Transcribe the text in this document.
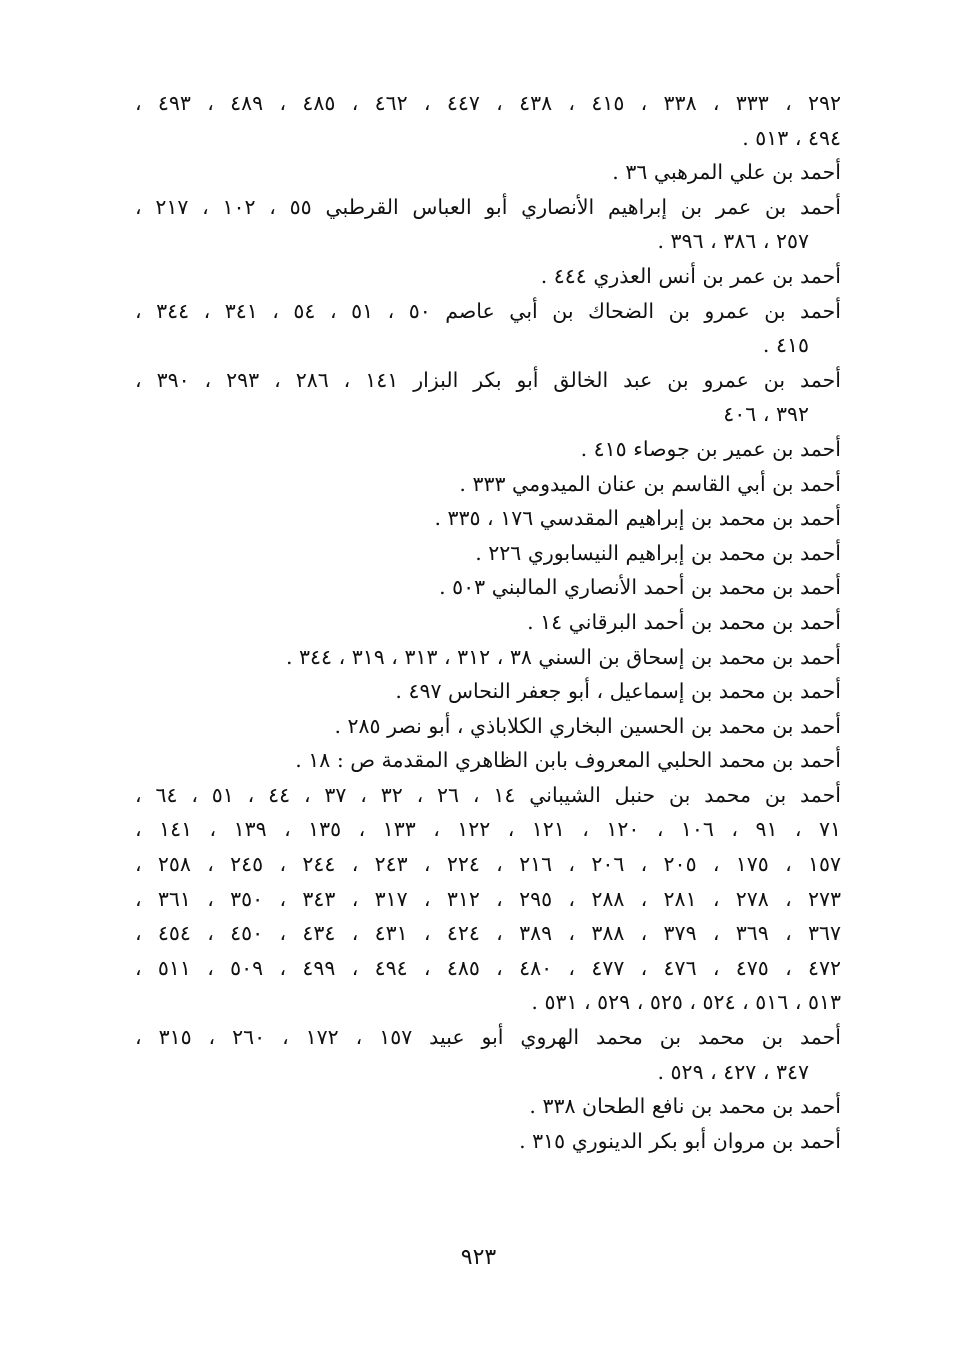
٢٩٢ ، ٣٣٣ ، ٣٣٨ ، ٤١٥ ، ٤٣٨ ، ٤٤٧ ، ٤٦٢ ، ٤٨٥ ، ٤٨٩ ، ٤٩٣ ،
٤٩٤ ، ٥١٣ .
أحمد بن علي المرهبي ٣٦ .
أحمد بن عمر بن إبراهيم الأنصاري أبو العباس القرطبي ٥٥ ، ١٠٢ ، ٢١٧ ،
٢٥٧ ، ٣٨٦ ، ٣٩٦ .
أحمد بن عمر بن أنس العذري ٤٤٤ .
أحمد بن عمرو بن الضحاك بن أبي عاصم ٥٠ ، ٥١ ، ٥٤ ، ٣٤١ ، ٣٤٤ ،
٤١٥ .
أحمد بن عمرو بن عبد الخالق أبو بكر البزار ١٤١ ، ٢٨٦ ، ٢٩٣ ، ٣٩٠ ،
٣٩٢ ، ٤٠٦
أحمد بن عمير بن جوصاء ٤١٥ .
أحمد بن أبي القاسم بن عنان الميدومي ٣٣٣ .
أحمد بن محمد بن إبراهيم المقدسي ١٧٦ ، ٣٣٥ .
أحمد بن محمد بن إبراهيم النيسابوري ٢٢٦ .
أحمد بن محمد بن أحمد الأنصاري المالبني ٥٠٣ .
أحمد بن محمد بن أحمد البرقاني ١٤ .
أحمد بن محمد بن إسحاق بن السني ٣٨ ، ٣١٢ ، ٣١٣ ، ٣١٩ ، ٣٤٤ .
أحمد بن محمد بن إسماعيل ، أبو جعفر النحاس ٤٩٧ .
أحمد بن محمد بن الحسين البخاري الكلاباذي ، أبو نصر ٢٨٥ .
أحمد بن محمد الحلبي المعروف بابن الظاهري المقدمة ص : ١٨ .
أحمد بن محمد بن حنبل الشيباني ١٤ ، ٢٦ ، ٣٢ ، ٣٧ ، ٤٤ ، ٥١ ، ٦٤ ،
٧١ ، ٩١ ، ١٠٦ ، ١٢٠ ، ١٢١ ، ١٢٢ ، ١٣٣ ، ١٣٥ ، ١٣٩ ، ١٤١ ،
١٥٧ ، ١٧٥ ، ٢٠٥ ، ٢٠٦ ، ٢١٦ ، ٢٢٤ ، ٢٤٣ ، ٢٤٤ ، ٢٤٥ ، ٢٥٨ ،
٢٧٣ ، ٢٧٨ ، ٢٨١ ، ٢٨٨ ، ٢٩٥ ، ٣١٢ ، ٣١٧ ، ٣٤٣ ، ٣٥٠ ، ٣٦١ ،
٣٦٧ ، ٣٦٩ ، ٣٧٩ ، ٣٨٨ ، ٣٨٩ ، ٤٢٤ ، ٤٣١ ، ٤٣٤ ، ٤٥٠ ، ٤٥٤ ،
٤٧٢ ، ٤٧٥ ، ٤٧٦ ، ٤٧٧ ، ٤٨٠ ، ٤٨٥ ، ٤٩٤ ، ٤٩٩ ، ٥٠٩ ، ٥١١ ،
٥١٣ ، ٥١٦ ، ٥٢٤ ، ٥٢٥ ، ٥٢٩ ، ٥٣١ .
أحمد بن محمد بن محمد الهروي أبو عبيد ١٥٧ ، ١٧٢ ، ٢٦٠ ، ٣١٥ ،
٣٤٧ ، ٤٢٧ ، ٥٢٩ .
أحمد بن محمد بن نافع الطحان ٣٣٨ .
أحمد بن مروان أبو بكر الدينوري ٣١٥ .
٩٢٣
